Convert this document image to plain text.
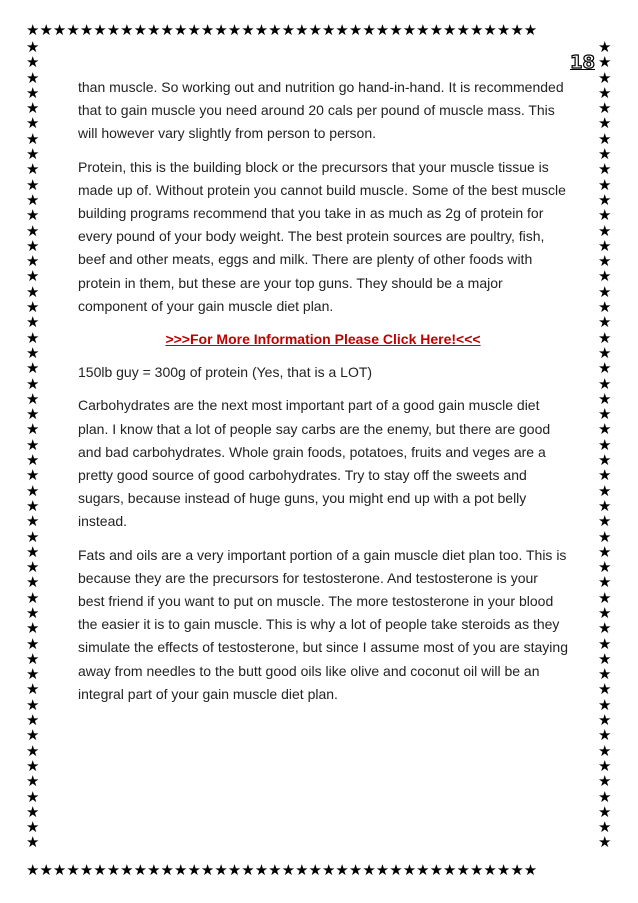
★★★★★★★★★★★★★★★★★★★★★★★★★★★★★★★★★★★★★★
★★★★★★★★★★★★★★★★★★★★★★★★★★★★★★★★★★★★★★
★
★
★
★
★
★
★
★
★
★
★
★
★
★
★
★
★
★
★
★
★
★
★
★
★
★
★
★
★
★
★
★
★
★
★
★
★
★
★
★
★
★
★
★
★
★
★
★
★
★
★
★
★
★
★
★
★
★
★
★
★
★
★
★
★
★
★
★
★
★
★
★
★
★
★
★
★
★
★
★
★
★
★
★
★
★
★
★
★
★
★
★
★
★
★
★
★
★
★
★
★
★
★
★
★
★
18

than muscle. So working out and nutrition go hand-in-hand. It is recommended that to gain muscle you need around 20 cals per pound of muscle mass. This will however vary slightly from person to person.

Protein, this is the building block or the precursors that your muscle tissue is made up of. Without protein you cannot build muscle. Some of the best muscle building programs recommend that you take in as much as 2g of protein for every pound of your body weight. The best protein sources are poultry, fish, beef and other meats, eggs and milk. There are plenty of other foods with protein in them, but these are your top guns. They should be a major component of your gain muscle diet plan.

>>>For More Information Please Click Here!<<<

150lb guy = 300g of protein (Yes, that is a LOT)

Carbohydrates are the next most important part of a good gain muscle diet plan. I know that a lot of people say carbs are the enemy, but there are good and bad carbohydrates. Whole grain foods, potatoes, fruits and veges are a pretty good source of good carbohydrates. Try to stay off the sweets and sugars, because instead of huge guns, you might end up with a pot belly instead.

Fats and oils are a very important portion of a gain muscle diet plan too. This is because they are the precursors for testosterone. And testosterone is your best friend if you want to put on muscle. The more testosterone in your blood the easier it is to gain muscle. This is why a lot of people take steroids as they simulate the effects of testosterone, but since I assume most of you are staying away from needles to the butt good oils like olive and coconut oil will be an integral part of your gain muscle diet plan.
